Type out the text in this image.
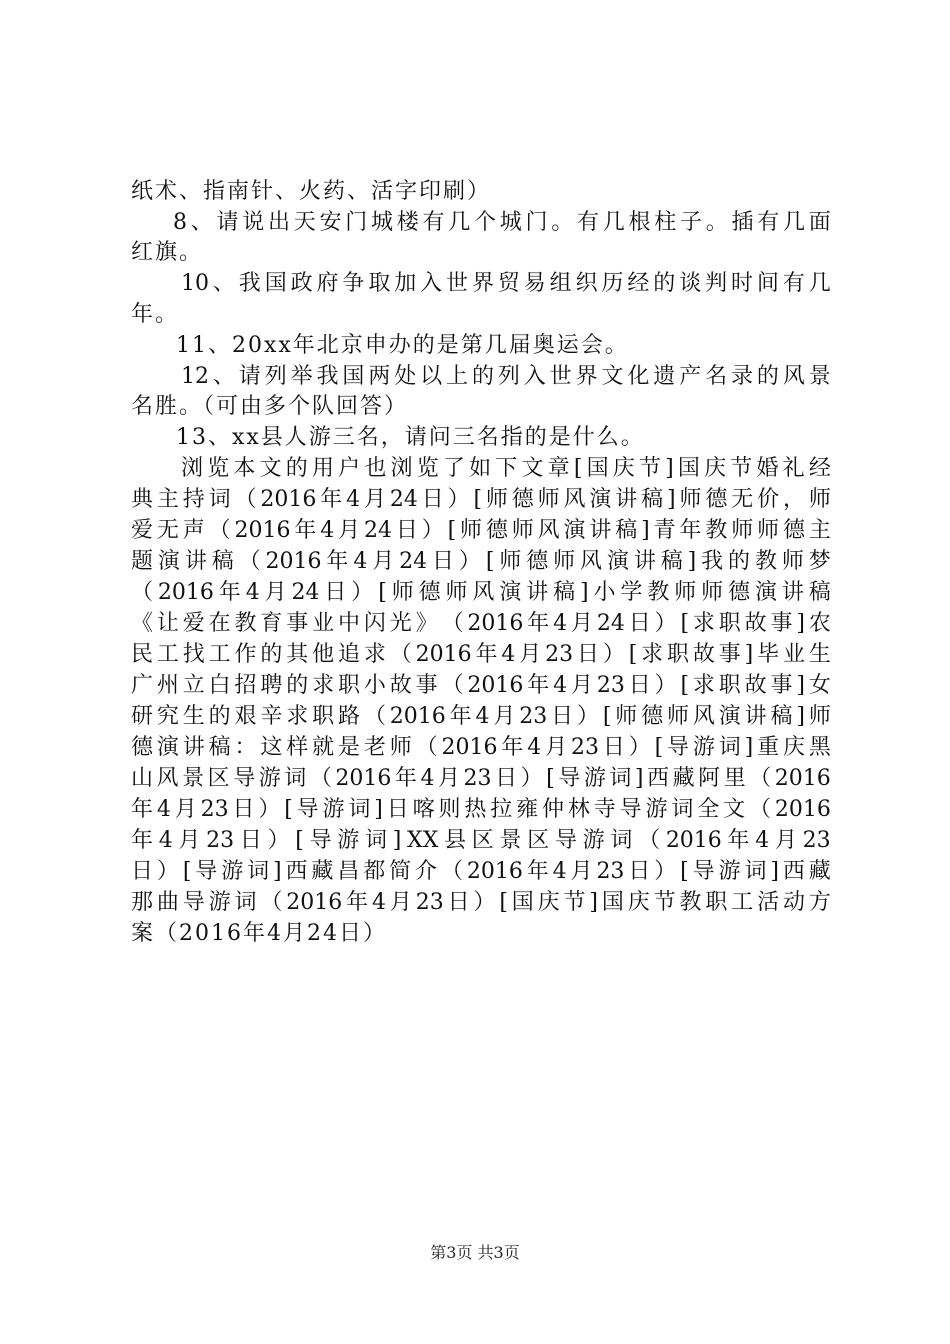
纸术、指南针、火药、活字印刷）
8 、 请 说 出 天 安 门 城 楼 有 几 个 城 门 。 有 几 根 柱 子 。 插 有 几 面
红旗。
10 、 我 国 政 府 争 取 加 入 世 界 贸 易 组 织 历 经 的 谈 判 时 间 有 几
年。
11、20xx年北京申办的是第几届奥运会。
12 、 请 列 举 我 国 两 处 以 上 的 列 入 世 界 文 化 遗 产 名 录 的 风 景
名胜。（可由多个队回答）
13、xx县人游三名，请问三名指的是什么。
浏 览 本 文 的 用 户 也 浏 览 了 如 下 文 章 [ 国 庆 节 ] 国 庆 节 婚 礼 经
典 主 持 词 （ 2016 年 4 月 24 日 ） [ 师 德 师 风 演 讲 稿 ] 师 德 无 价 ， 师
爱 无 声 （ 2016 年 4 月 24 日 ） [ 师 德 师 风 演 讲 稿 ] 青 年 教 师 师 德 主
题 演 讲 稿 （ 2016 年 4 月 24 日 ） [ 师 德 师 风 演 讲 稿 ] 我 的 教 师 梦
（ 2016 年 4 月 24 日 ） [ 师 德 师 风 演 讲 稿 ] 小 学 教 师 师 德 演 讲 稿
《 让 爱 在 教 育 事 业 中 闪 光 》 （ 2016 年 4 月 24 日 ） [ 求 职 故 事 ] 农
民 工 找 工 作 的 其 他 追 求 （ 2016 年 4 月 23 日 ） [ 求 职 故 事 ] 毕 业 生
广 州 立 白 招 聘 的 求 职 小 故 事 （ 2016 年 4 月 23 日 ） [ 求 职 故 事 ] 女
研 究 生 的 艰 辛 求 职 路 （ 2016 年 4 月 23 日 ） [ 师 德 师 风 演 讲 稿 ] 师
德 演 讲 稿 ： 这 样 就 是 老 师 （ 2016 年 4 月 23 日 ） [ 导 游 词 ] 重 庆 黑
山 风 景 区 导 游 词 （ 2016 年 4 月 23 日 ） [ 导 游 词 ] 西 藏 阿 里 （ 2016
年 4 月 23 日 ） [ 导 游 词 ] 日 喀 则 热 拉 雍 仲 林 寺 导 游 词 全 文 （ 2016
年 4 月 23 日 ） [ 导 游 词 ] XX 县 区 景 区 导 游 词 （ 2016 年 4 月 23
日 ） [ 导 游 词 ] 西 藏 昌 都 简 介 （ 2016 年 4 月 23 日 ） [ 导 游 词 ] 西 藏
那 曲 导 游 词 （ 2016 年 4 月 23 日 ） [ 国 庆 节 ] 国 庆 节 教 职 工 活 动 方
案（2016年4月24日）
第3页 共3页
